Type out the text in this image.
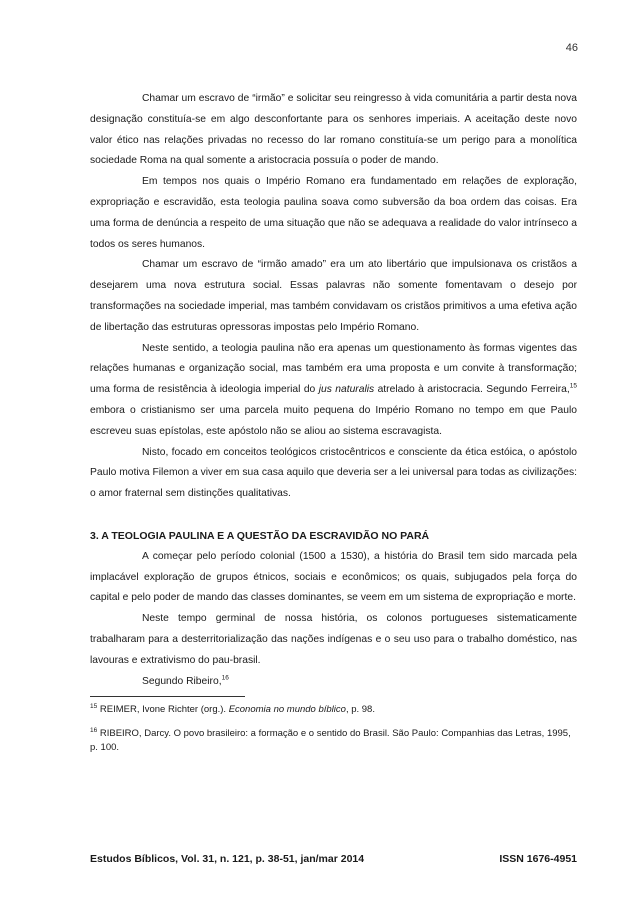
46

Chamar um escravo de “irmão” e solicitar seu reingresso à vida comunitária a partir desta nova designação constituía-se em algo desconfortante para os senhores imperiais. A aceitação deste novo valor ético nas relações privadas no recesso do lar romano constituía-se um perigo para a monolítica sociedade Roma na qual somente a aristocracia possuía o poder de mando.

Em tempos nos quais o Império Romano era fundamentado em relações de exploração, expropriação e escravidão, esta teologia paulina soava como subversão da boa ordem das coisas. Era uma forma de denúncia a respeito de uma situação que não se adequava a realidade do valor intrínseco a todos os seres humanos.

Chamar um escravo de “irmão amado” era um ato libertário que impulsionava os cristãos a desejarem uma nova estrutura social. Essas palavras não somente fomentavam o desejo por transformações na sociedade imperial, mas também convidavam os cristãos primitivos a uma efetiva ação de libertação das estruturas opressoras impostas pelo Império Romano.

Neste sentido, a teologia paulina não era apenas um questionamento às formas vigentes das relações humanas e organização social, mas também era uma proposta e um convite à transformação; uma forma de resistência à ideologia imperial do jus naturalis atrelado à aristocracia. Segundo Ferreira,$^{15}$ embora o cristianismo ser uma parcela muito pequena do Império Romano no tempo em que Paulo escreveu suas epístolas, este apóstolo não se aliou ao sistema escravagista.

Nisto, focado em conceitos teológicos cristocêntricos e consciente da ética estóica, o apóstolo Paulo motiva Filemon a viver em sua casa aquilo que deveria ser a lei universal para todas as civilizações: o amor fraternal sem distinções qualitativas.

3. A TEOLOGIA PAULINA E A QUESTÃO DA ESCRAVIDÃO NO PARÁ

A começar pelo período colonial (1500 a 1530), a história do Brasil tem sido marcada pela implacável exploração de grupos étnicos, sociais e econômicos; os quais, subjugados pela força do capital e pelo poder de mando das classes dominantes, se veem em um sistema de expropriação e morte.

Neste tempo germinal de nossa história, os colonos portugueses sistematicamente trabalharam para a desterritorialização das nações indígenas e o seu uso para o trabalho doméstico, nas lavouras e extrativismo do pau-brasil.

Segundo Ribeiro,$^{16}$

$^{15}$ REIMER, Ivone Richter (org.). Economia no mundo bíblico, p. 98.

$^{16}$ RIBEIRO, Darcy. O povo brasileiro: a formação e o sentido do Brasil. São Paulo: Companhias das Letras, 1995, p. 100.

Estudos Bíblicos, Vol. 31, n. 121, p. 38-51, jan/mar 2014	ISSN 1676-4951
